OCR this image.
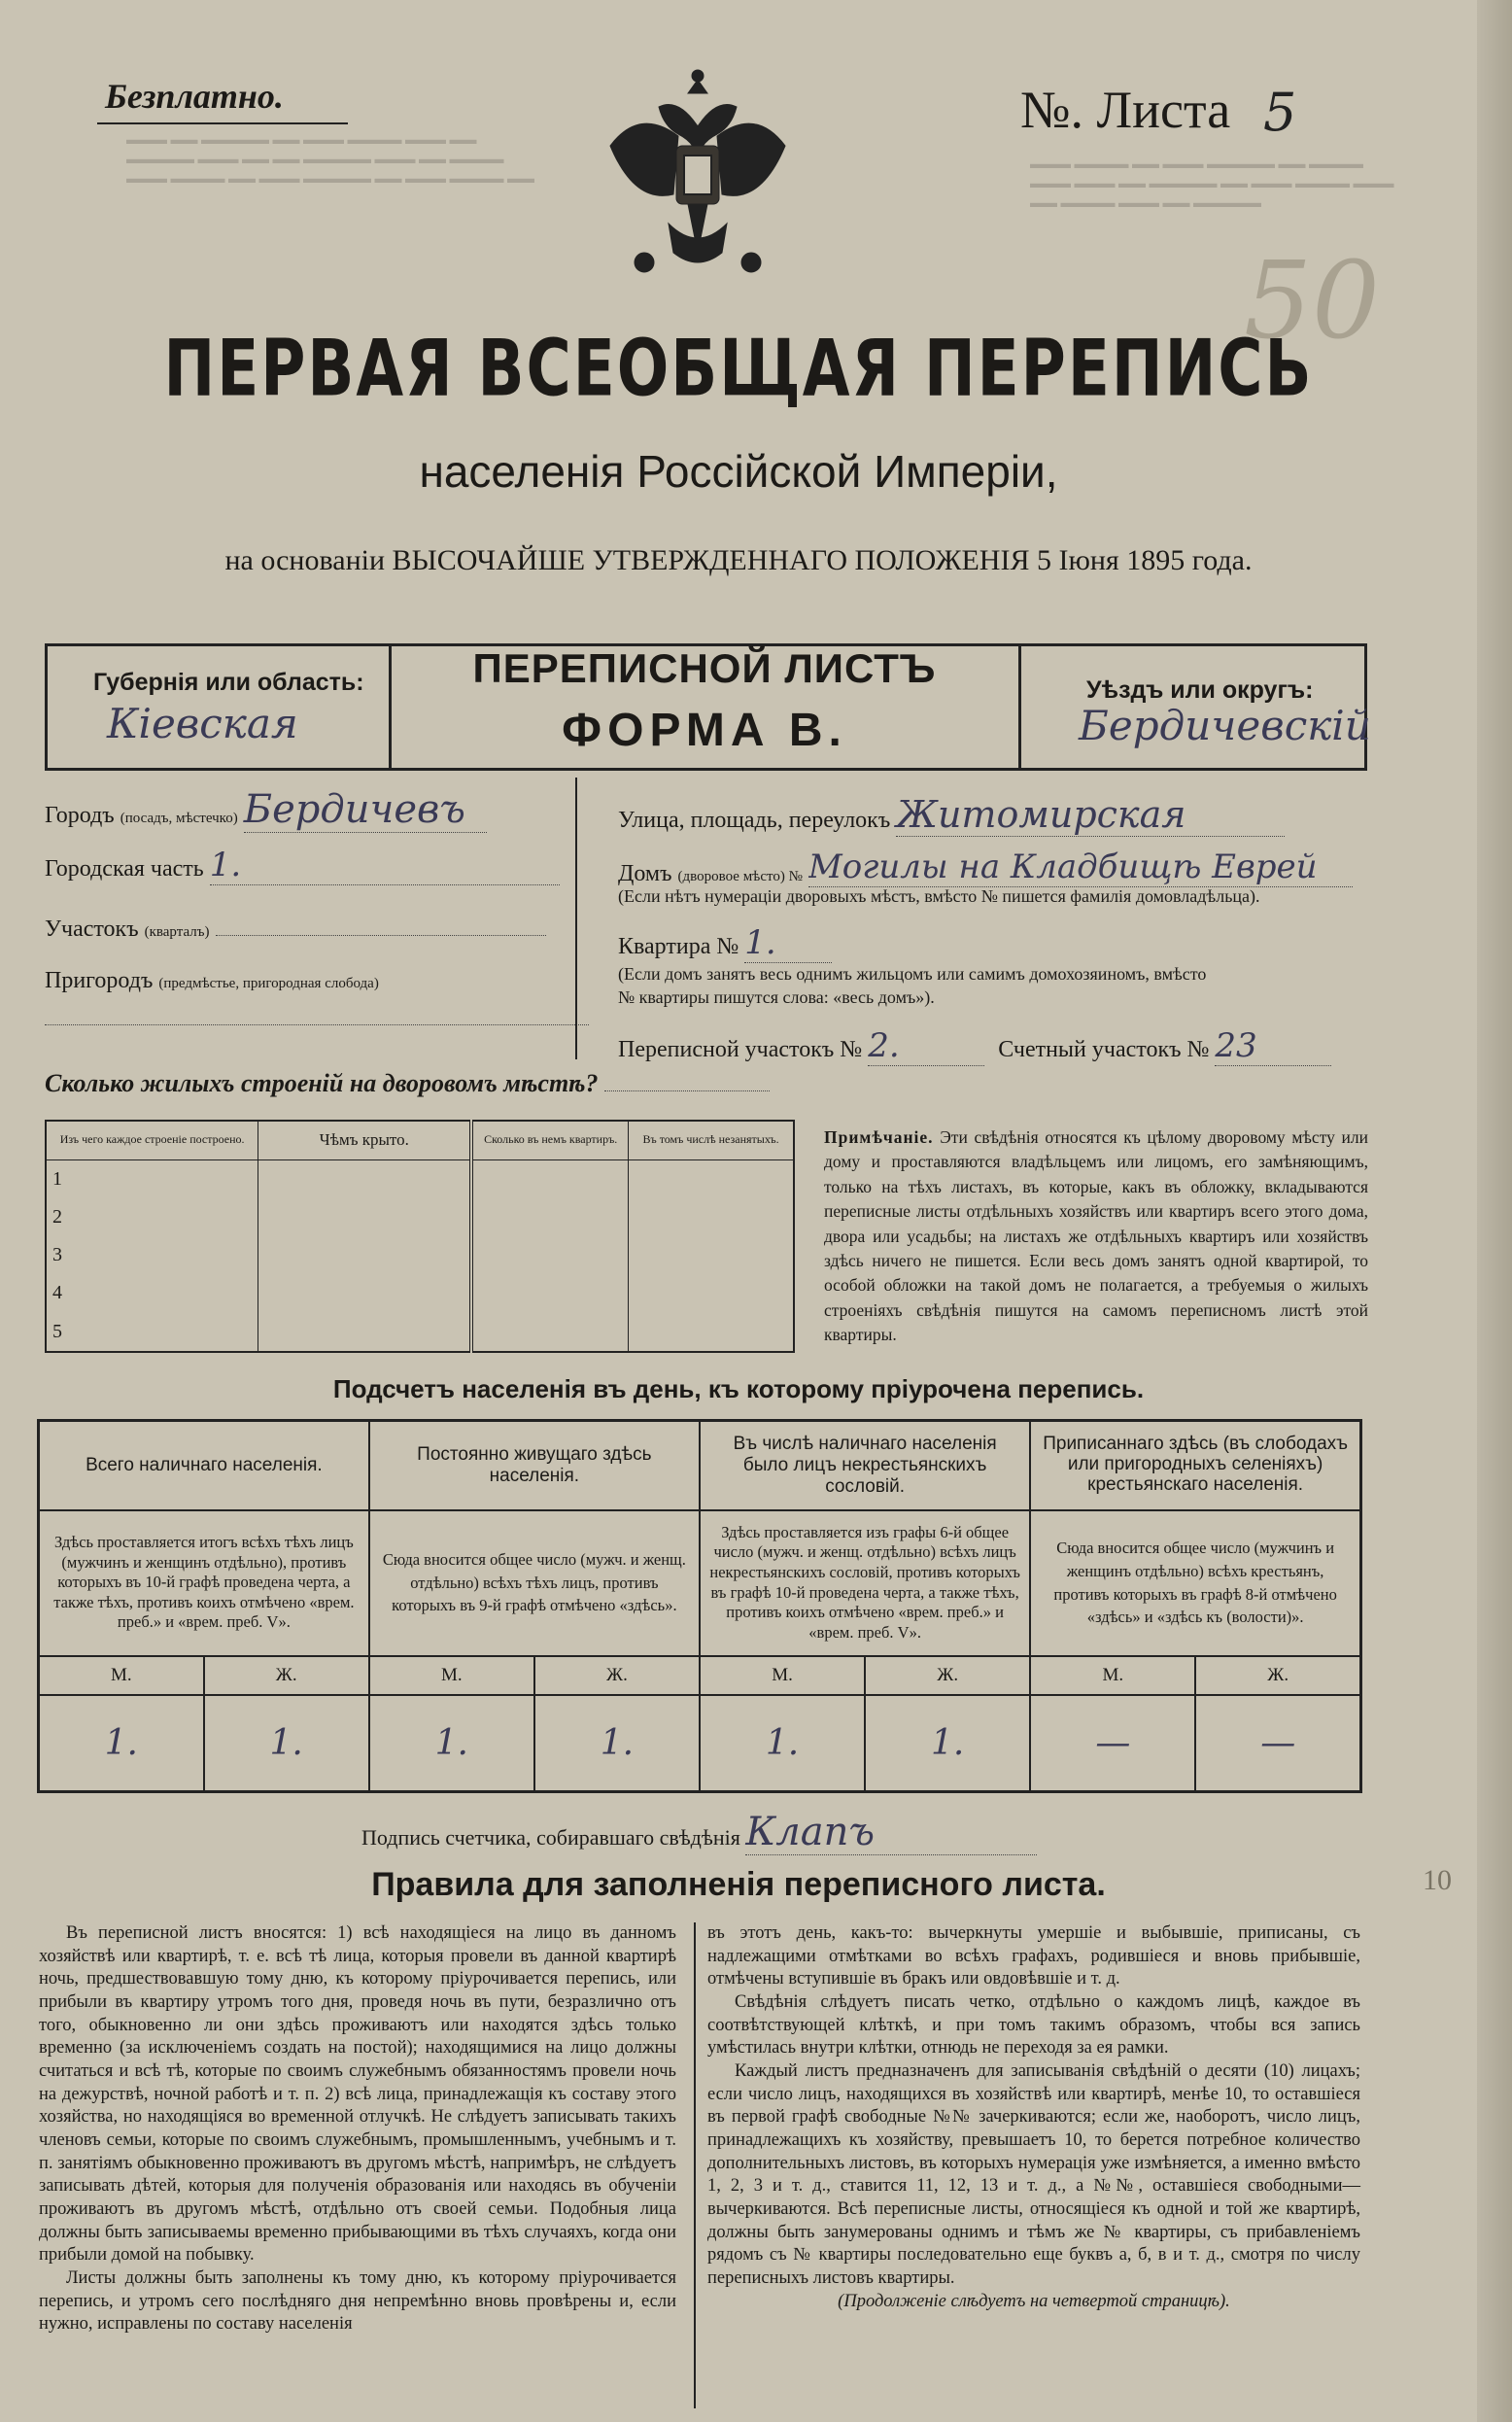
Безплатно.	№. Листа 5
50
▬▬▬ ▬▬ ▬▬▬▬▬ ▬▬ ▬▬▬ ▬▬▬▬ ▬▬▬ ▬▬ ▬▬▬▬▬ ▬▬▬ ▬▬ ▬▬ ▬▬▬▬▬ ▬▬▬ ▬▬ ▬▬▬▬ ▬▬▬ ▬▬▬▬ ▬▬ ▬▬▬ ▬▬▬▬▬ ▬▬ ▬▬▬ ▬▬▬▬ ▬▬
▬▬▬ ▬▬▬▬ ▬▬ ▬▬▬ ▬▬▬▬▬ ▬▬ ▬▬▬▬ ▬▬▬ ▬▬▬ ▬▬ ▬▬▬▬▬ ▬▬ ▬▬▬ ▬▬▬▬ ▬▬▬ ▬▬ ▬▬▬▬ ▬▬▬ ▬▬ ▬▬▬▬▬
ПЕРВАЯ ВСЕОБЩАЯ ПЕРЕПИСЬ
населенія Россійской Имперіи,
на основаніи ВЫСОЧАЙШЕ УТВЕРЖДЕННАГО ПОЛОЖЕНІЯ 5 Іюня 1895 года.
Губернія или область:
Кіевская
Уѣздъ или округъ:
Бердичевскій
ПЕРЕПИСНОЙ ЛИСТЪ
ФОРМА В.
Городъ (посадъ, мѣстечко) Бердичевъ
Городская часть 1.
Участокъ (кварталъ)
Пригородъ (предмѣстье, пригородная слобода)
Улица, площадь, переулокъ Житомирская
Домъ (дворовое мѣсто) № Могилы на Кладбищѣ Еврей
(Если нѣтъ нумераціи дворовыхъ мѣстъ, вмѣсто № пишется фамилія домовладѣльца).
Квартира № 1.
(Если домъ занятъ весь однимъ жильцомъ или самимъ домохозяиномъ, вмѣсто
№ квартиры пишутся слова: «весь домъ»).
Переписной участокъ № 2.	Счетный участокъ № 23
Сколько жилыхъ строеній на дворовомъ мѣстѣ?
Изъ чего каждое строеніе построено.	Чѣмъ крыто.	Сколько въ немъ квартиръ.	Въ томъ числѣ незанятыхъ.
1			
2			
3			
4			
5			
Примѣчаніе. Эти свѣдѣнія относятся къ цѣлому дворовому мѣсту или дому и проставляются владѣльцемъ или лицомъ, его замѣняющимъ, только на тѣхъ листахъ, въ которые, какъ въ обложку, вкладываются переписные листы отдѣльныхъ хозяйствъ или квартиръ всего этого дома, двора или усадьбы; на листахъ же отдѣльныхъ квартиръ или хозяйствъ здѣсь ничего не пишется. Если весь домъ занятъ одной квартирой, то особой обложки на такой домъ не полагается, а требуемыя о жилыхъ строеніяхъ свѣдѣнія пишутся на самомъ переписномъ листѣ этой квартиры.
Подсчетъ населенія въ день, къ которому пріурочена перепись.
Всего наличнаго населенія.		Постоянно живущаго здѣсь населенія.		Въ числѣ наличнаго населенія было лицъ некрестьянскихъ сословій.		Приписаннаго здѣсь (въ слободахъ или пригородныхъ селеніяхъ) крестьянскаго населенія.	
Здѣсь проставляется итогъ всѣхъ тѣхъ лицъ (мужчинъ и женщинъ отдѣльно), противъ которыхъ въ 10-й графѣ проведена черта, а также тѣхъ, противъ коихъ отмѣчено «врем. преб.» и «врем. преб. V».		Сюда вносится общее число (мужч. и женщ. отдѣльно) всѣхъ тѣхъ лицъ, противъ которыхъ въ 9-й графѣ отмѣчено «здѣсь».		Здѣсь проставляется изъ графы 6-й общее число (мужч. и женщ. отдѣльно) всѣхъ лицъ некрестьянскихъ сословій, противъ которыхъ въ графѣ 10-й проведена черта, а также тѣхъ, противъ коихъ отмѣчено «врем. преб.» и «врем. преб. V».		Сюда вносится общее число (мужчинъ и женщинъ отдѣльно) всѣхъ крестьянъ, противъ которыхъ въ графѣ 8-й отмѣчено «здѣсь» и «здѣсь къ (волости)».	
М.	Ж.	М.	Ж.	М.	Ж.	М.	Ж.
1.	1.	1.	1.	1.	1.	—	—
Подпись счетчика, собиравшаго свѣдѣнія Клапъ
Правила для заполненія переписного листа.
Въ переписной листъ вносятся: 1) всѣ находящіеся на лицо въ данномъ хозяйствѣ или квартирѣ, т. е. всѣ тѣ лица, которыя провели въ данной квартирѣ ночь, предшествовавшую тому дню, къ которому пріурочивается перепись, или прибыли въ квартиру утромъ того дня, проведя ночь въ пути, безразлично отъ того, обыкновенно ли они здѣсь проживаютъ или находятся здѣсь только временно (за исключеніемъ создать на постой); находящимися на лицо должны считаться и всѣ тѣ, которые по своимъ служебнымъ обязанностямъ провели ночь на дежурствѣ, ночной работѣ и т. п. 2) всѣ лица, принадлежащія къ составу этого хозяйства, но находящіяся во временной отлучкѣ. Не слѣдуетъ записывать такихъ членовъ семьи, которые по своимъ служебнымъ, промышленнымъ, учебнымъ и т. п. занятіямъ обыкновенно проживаютъ въ другомъ мѣстѣ, напримѣръ, не слѣдуетъ записывать дѣтей, которыя для полученія образованія или находясь въ обученіи проживаютъ въ другомъ мѣстѣ, отдѣльно отъ своей семьи. Подобныя лица должны быть записываемы временно прибывающими въ тѣхъ случаяхъ, когда они прибыли домой на побывку.
Листы должны быть заполнены къ тому дню, къ которому пріурочивается перепись, и утромъ сего послѣдняго дня непремѣнно вновь провѣрены и, если нужно, исправлены по составу населенія
въ этотъ день, какъ-то: вычеркнуты умершіе и выбывшіе, приписаны, съ надлежащими отмѣтками во всѣхъ графахъ, родившіеся и вновь прибывшіе, отмѣчены вступившіе въ бракъ или овдовѣвшіе и т. д.
Свѣдѣнія слѣдуетъ писать четко, отдѣльно о каждомъ лицѣ, каждое въ соотвѣтствующей клѣткѣ, и при томъ такимъ образомъ, чтобы вся запись умѣстилась внутри клѣтки, отнюдь не переходя за ея рамки.
Каждый листъ предназначенъ для записыванія свѣдѣній о десяти (10) лицахъ; если число лицъ, находящихся въ хозяйствѣ или квартирѣ, менѣе 10, то оставшіеся въ первой графѣ свободные №№ зачеркиваются; если же, наоборотъ, число лицъ, принадлежащихъ къ хозяйству, превышаетъ 10, то берется потребное количество дополнительныхъ листовъ, въ которыхъ нумерація уже измѣняется, а именно вмѣсто 1, 2, 3 и т. д., ставится 11, 12, 13 и т. д., а №№, оставшіеся свободными—вычеркиваются. Всѣ переписные листы, относящіеся къ одной и той же квартирѣ, должны быть занумерованы однимъ и тѣмъ же № квартиры, съ прибавленіемъ рядомъ съ № квартиры последовательно еще буквъ а, б, в и т. д., смотря по числу переписныхъ листовъ квартиры.
(Продолженіе слѣдуетъ на четвертой страницѣ).
10
